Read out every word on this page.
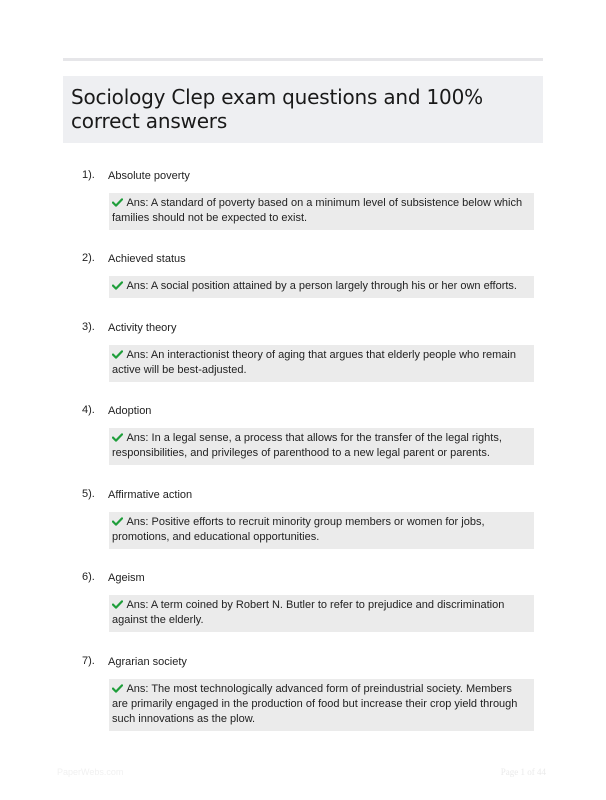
Sociology Clep exam questions and 100% correct answers
1). Absolute poverty
Ans: A standard of poverty based on a minimum level of subsistence below which families should not be expected to exist.
2). Achieved status
Ans: A social position attained by a person largely through his or her own efforts.
3). Activity theory
Ans: An interactionist theory of aging that argues that elderly people who remain active will be best-adjusted.
4). Adoption
Ans: In a legal sense, a process that allows for the transfer of the legal rights, responsibilities, and privileges of parenthood to a new legal parent or parents.
5). Affirmative action
Ans: Positive efforts to recruit minority group members or women for jobs, promotions, and educational opportunities.
6). Ageism
Ans: A term coined by Robert N. Butler to refer to prejudice and discrimination against the elderly.
7). Agrarian society
Ans: The most technologically advanced form of preindustrial society. Members are primarily engaged in the production of food but increase their crop yield through such innovations as the plow.
PaperWebs.com	Page 1 of 44
